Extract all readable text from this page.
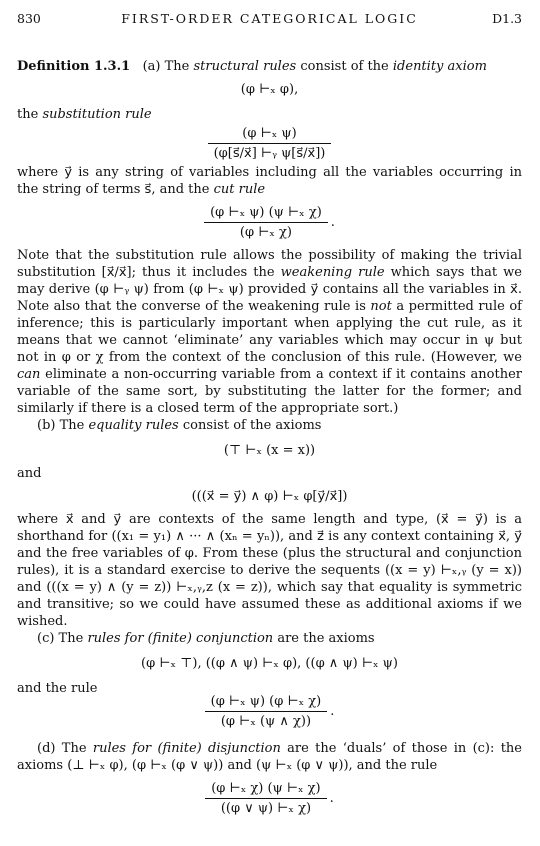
830	FIRST-ORDER CATEGORICAL LOGIC	D1.3

Definition 1.3.1 (a) The structural rules consist of the identity axiom

(φ ⊢ₓ φ),

the substitution rule

$\frac{\text{(φ ⊢ₓ ψ)}}{\text{(φ[s⃗/x⃗] ⊢ᵧ ψ[s⃗/x⃗])}}$

where y⃗ is any string of variables including all the variables occurring in the string of terms s⃗, and the cut rule

$\frac{\text{(φ ⊢ₓ ψ) (ψ ⊢ₓ χ)}}{\text{(φ ⊢ₓ χ)}}$ .

Note that the substitution rule allows the possibility of making the trivial substitution [x⃗/x⃗]; thus it includes the weakening rule which says that we may derive (φ ⊢ᵧ ψ) from (φ ⊢ₓ ψ) provided y⃗ contains all the variables in x⃗. Note also that the converse of the weakening rule is not a permitted rule of inference; this is particularly important when applying the cut rule, as it means that we cannot ‘eliminate’ any variables which may occur in ψ but not in φ or χ from the context of the conclusion of this rule. (However, we can eliminate a non-occurring variable from a context if it contains another variable of the same sort, by substituting the latter for the former; and similarly if there is a closed term of the appropriate sort.)

(b) The equality rules consist of the axioms

(⊤ ⊢ₓ (x = x))

and

(((x⃗ = y⃗) ∧ φ) ⊢ₓ φ[y⃗/x⃗])

where x⃗ and y⃗ are contexts of the same length and type, (x⃗ = y⃗) is a shorthand for ((x₁ = y₁) ∧ ··· ∧ (xₙ = yₙ)), and z⃗ is any context containing x⃗, y⃗ and the free variables of φ. From these (plus the structural and conjunction rules), it is a standard exercise to derive the sequents ((x = y) ⊢ₓ,ᵧ (y = x)) and (((x = y) ∧ (y = z)) ⊢ₓ,ᵧ,z (x = z)), which say that equality is symmetric and transitive; so we could have assumed these as additional axioms if we wished.

(c) The rules for (finite) conjunction are the axioms

(φ ⊢ₓ ⊤), ((φ ∧ ψ) ⊢ₓ φ), ((φ ∧ ψ) ⊢ₓ ψ)

and the rule

$\frac{\text{(φ ⊢ₓ ψ) (φ ⊢ₓ χ)}}{\text{(φ ⊢ₓ (ψ ∧ χ))}}$ .

(d) The rules for (finite) disjunction are the ‘duals’ of those in (c): the axioms (⊥ ⊢ₓ φ), (φ ⊢ₓ (φ ∨ ψ)) and (ψ ⊢ₓ (φ ∨ ψ)), and the rule

$\frac{\text{(φ ⊢ₓ χ) (ψ ⊢ₓ χ)}}{\text{((φ ∨ ψ) ⊢ₓ χ)}}$ .
